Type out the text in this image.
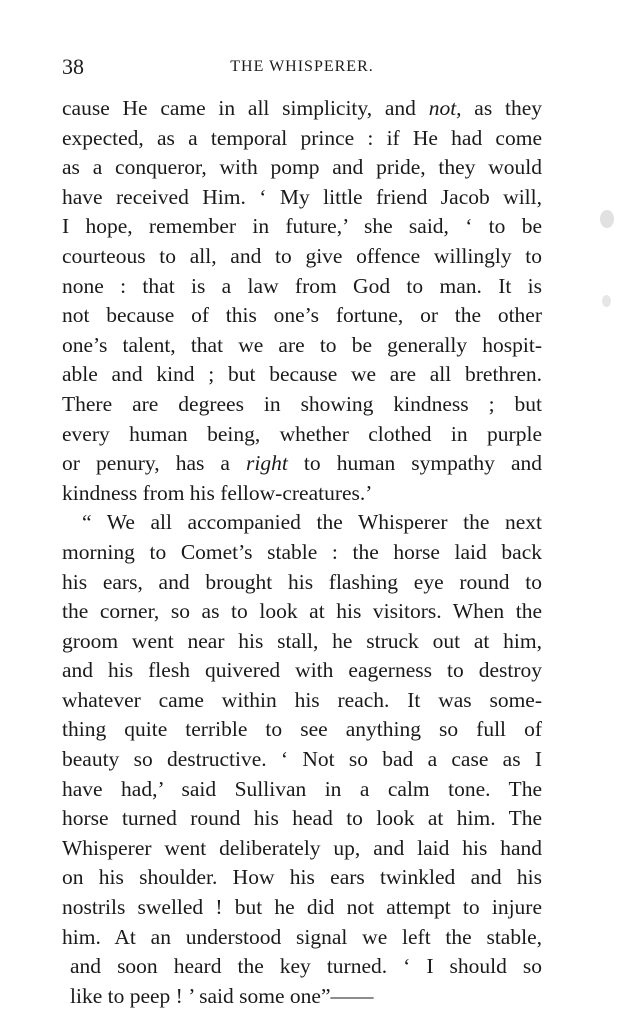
38	THE WHISPERER.
cause He came in all simplicity, and not, as they
expected, as a temporal prince : if He had come
as a conqueror, with pomp and pride, they would
have received Him. ‘ My little friend Jacob will,
I hope, remember in future,’ she said, ‘ to be
courteous to all, and to give offence willingly to
none : that is a law from God to man. It is
not because of this one’s fortune, or the other
one’s talent, that we are to be generally hospit-
able and kind ; but because we are all brethren.
There are degrees in showing kindness ; but
every human being, whether clothed in purple
or penury, has a right to human sympathy and
kindness from his fellow-creatures.’
“ We all accompanied the Whisperer the next
morning to Comet’s stable : the horse laid back
his ears, and brought his flashing eye round to
the corner, so as to look at his visitors. When the
groom went near his stall, he struck out at him,
and his flesh quivered with eagerness to destroy
whatever came within his reach. It was some-
thing quite terrible to see anything so full of
beauty so destructive. ‘ Not so bad a case as I
have had,’ said Sullivan in a calm tone. The
horse turned round his head to look at him. The
Whisperer went deliberately up, and laid his hand
on his shoulder. How his ears twinkled and his
nostrils swelled ! but he did not attempt to injure
him. At an understood signal we left the stable,
and soon heard the key turned. ‘ I should so
like to peep ! ’ said some one”——
